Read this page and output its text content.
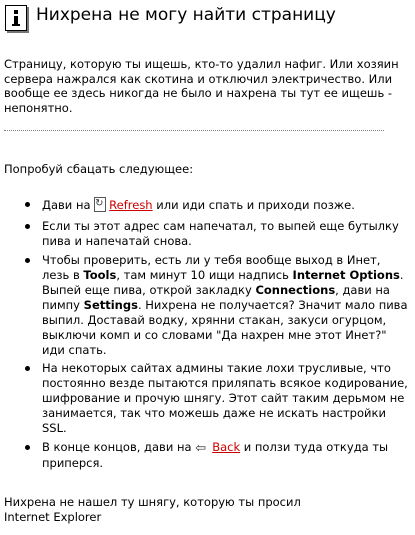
Нихрена не могу найти страницу
Страницу, которую ты ищешь, кто-то удалил нафиг. Или хозяин сервера нажрался как скотина и отключил электричество. Или вообще ее здесь никогда не было и нахрена ты тут ее ищешь - непонятно.
Попробуй сбацать следующее:
Дави на ↻Refresh или иди спать и приходи позже.
Если ты этот адрес сам напечатал, то выпей еще бутылку пива и напечатай снова.
Чтобы проверить, есть ли у тебя вообще выход в Инет, лезь в Tools, там минут 10 ищи надпись Internet Options. Выпей еще пива, открой закладку Connections, дави на пимпу Settings. Нихрена не получается? Значит мало пива выпил. Доставай водку, хрянни стакан, закуси огурцом, выключи комп и со словами "Да нахрен мне этот Инет?" иди спать.
На некоторых сайтах админы такие лохи трусливые, что постоянно везде пытаются приляпать всякое кодирование, шифрование и прочую шнягу. Этот сайт таким дерьмом не занимается, так что можешь даже не искать настройки SSL.
В конце концов, дави на ⇦ Back и ползи туда откуда ты приперся.
Нихрена не нашел ту шнягу, которую ты просил
Internet Explorer
